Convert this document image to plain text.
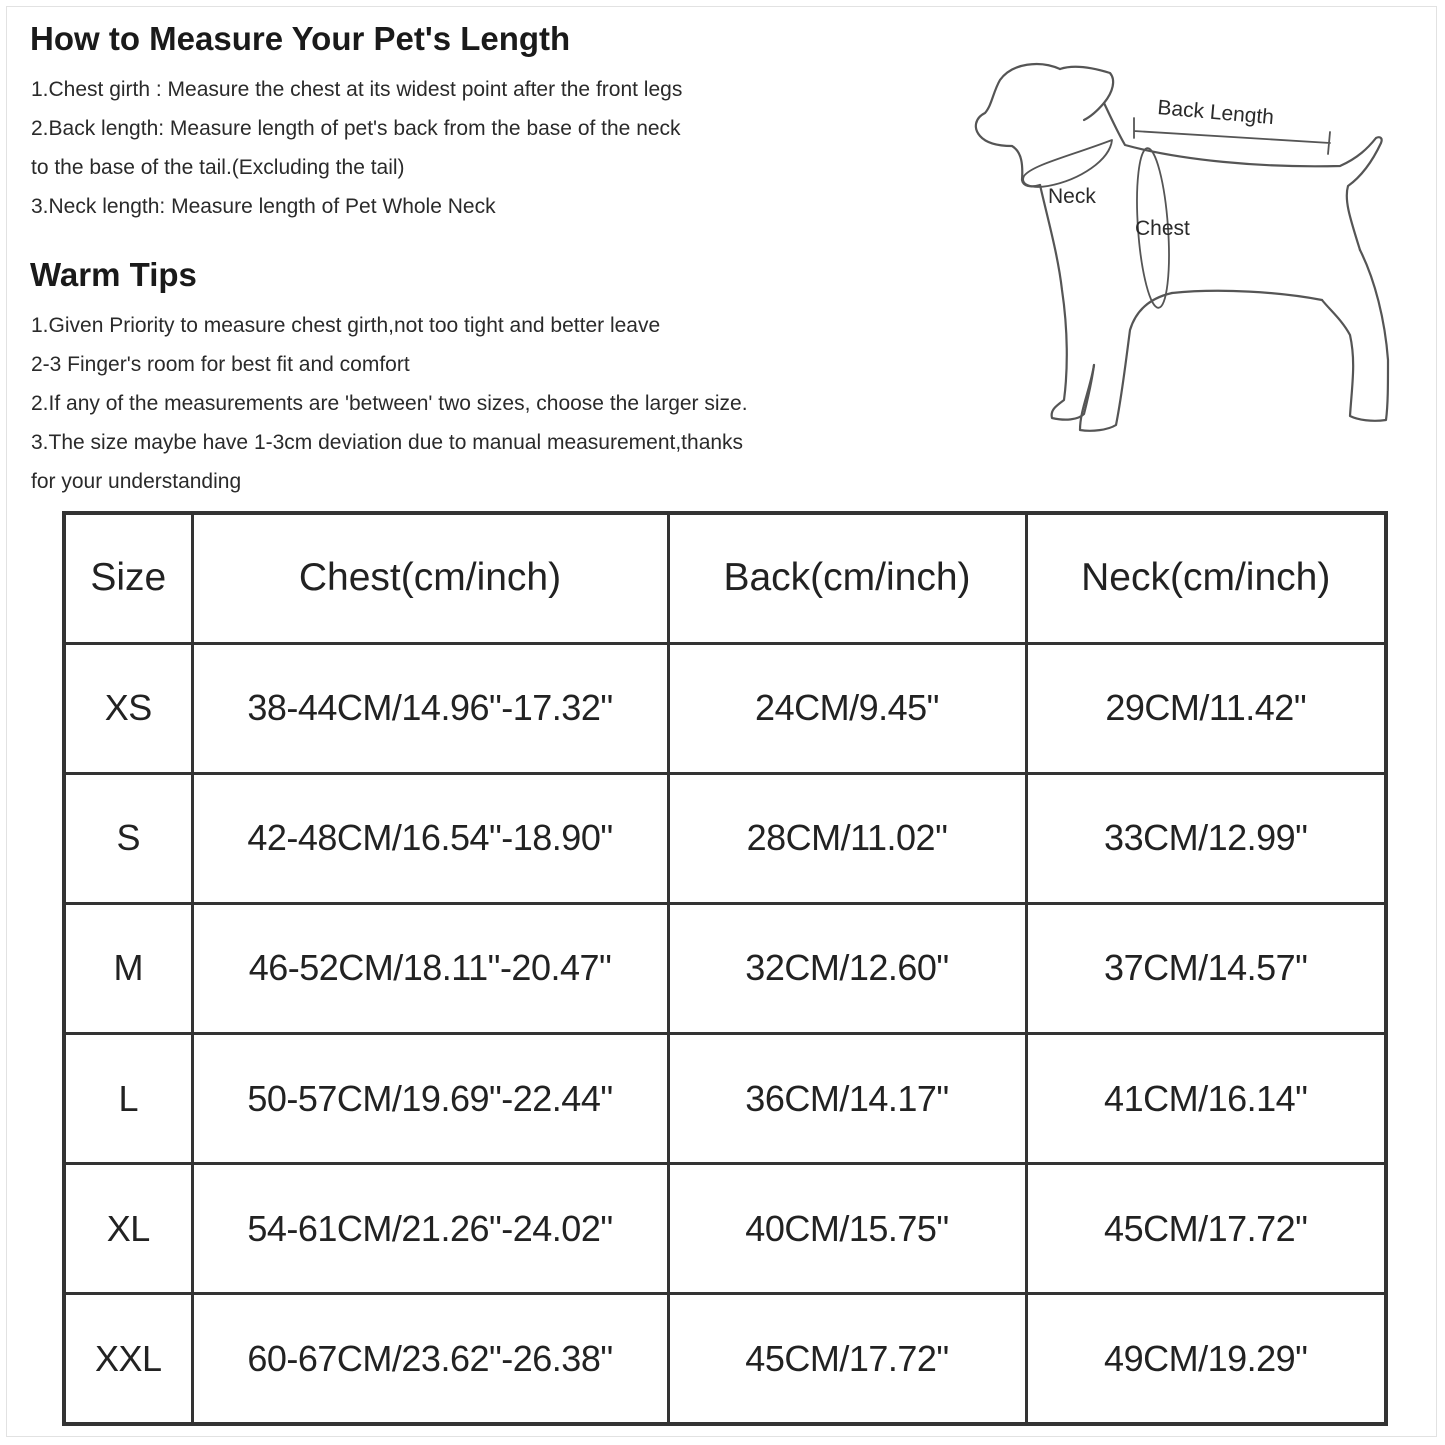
How to Measure Your Pet's Length
1.Chest girth : Measure the chest at its widest point after the front legs
2.Back length: Measure length of pet's back from the base of the neck
to the base of the tail.(Excluding the tail)
3.Neck length: Measure length of Pet Whole Neck
Warm Tips
1.Given Priority to measure chest girth,not too tight and better leave
2-3 Finger's room for best fit and comfort
2.If any of the measurements are 'between' two sizes, choose the larger size.
3.The size maybe have 1-3cm deviation due to manual measurement,thanks
for your understanding
Back Length
Neck
Chest
Size	Chest(cm/inch)	Back(cm/inch)	Neck(cm/inch)
XS	38-44CM/14.96"-17.32"	24CM/9.45"	29CM/11.42"
S	42-48CM/16.54"-18.90"	28CM/11.02"	33CM/12.99"
M	46-52CM/18.11"-20.47"	32CM/12.60"	37CM/14.57"
L	50-57CM/19.69"-22.44"	36CM/14.17"	41CM/16.14"
XL	54-61CM/21.26"-24.02"	40CM/15.75"	45CM/17.72"
XXL	60-67CM/23.62"-26.38"	45CM/17.72"	49CM/19.29"
